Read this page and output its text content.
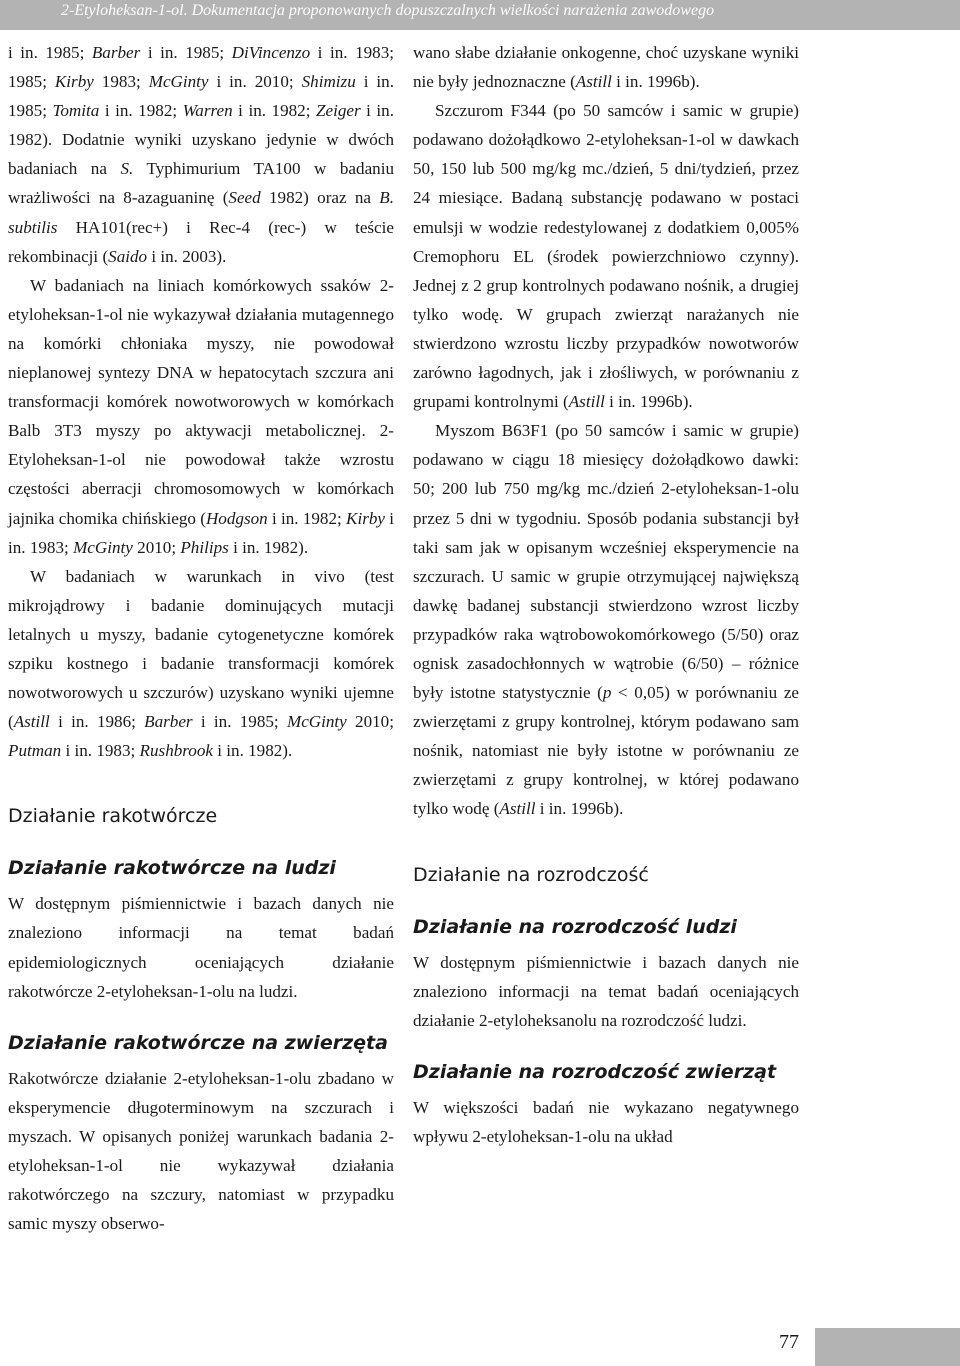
2-Etyloheksan-1-ol. Dokumentacja proponowanych dopuszczalnych wielkości narażenia zawodowego

i in. 1985; Barber i in. 1985; DiVincenzo i in. 1983; 1985; Kirby 1983; McGinty i in. 2010; Shimizu i in. 1985; Tomita i in. 1982; Warren i in. 1982; Zeiger i in. 1982). Dodatnie wyniki uzyskano jedynie w dwóch badaniach na S. Typhimurium TA100 w badaniu wrażliwości na 8-azaguaninę (Seed 1982) oraz na B. subtilis HA101(rec+) i Rec-4 (rec-) w teście rekombinacji (Saido i in. 2003).

W badaniach na liniach komórkowych ssaków 2-etyloheksan-1-ol nie wykazywał działania mutagennego na komórki chłoniaka myszy, nie powodował nieplanowej syntezy DNA w hepatocytach szczura ani transformacji komórek nowotworowych w komórkach Balb 3T3 myszy po aktywacji metabolicznej. 2-Etyloheksan-1-ol nie powodował także wzrostu częstości aberracji chromosomowych w komórkach jajnika chomika chińskiego (Hodgson i in. 1982; Kirby i in. 1983; McGinty 2010; Philips i in. 1982).

W badaniach w warunkach in vivo (test mikrojądrowy i badanie dominujących mutacji letalnych u myszy, badanie cytogenetyczne komórek szpiku kostnego i badanie transformacji komórek nowotworowych u szczurów) uzyskano wyniki ujemne (Astill i in. 1986; Barber i in. 1985; McGinty 2010; Putman i in. 1983; Rushbrook i in. 1982).

Działanie rakotwórcze
Działanie rakotwórcze na ludzi

W dostępnym piśmiennictwie i bazach danych nie znaleziono informacji na temat badań epidemiologicznych oceniających działanie rakotwórcze 2-etyloheksan-1-olu na ludzi.

Działanie rakotwórcze na zwierzęta

Rakotwórcze działanie 2-etyloheksan-1-olu zbadano w eksperymencie długoterminowym na szczurach i myszach. W opisanych poniżej warunkach badania 2-etyloheksan-1-ol nie wykazywał działania rakotwórczego na szczury, natomiast w przypadku samic myszy obserwo-

wano słabe działanie onkogenne, choć uzyskane wyniki nie były jednoznaczne (Astill i in. 1996b).

Szczurom F344 (po 50 samców i samic w grupie) podawano dożołądkowo 2-etyloheksan-1-ol w dawkach 50, 150 lub 500 mg/kg mc./dzień, 5 dni/tydzień, przez 24 miesiące. Badaną substancję podawano w postaci emulsji w wodzie redestylowanej z dodatkiem 0,005% Cremophoru EL (środek powierzchniowo czynny). Jednej z 2 grup kontrolnych podawano nośnik, a drugiej tylko wodę. W grupach zwierząt narażanych nie stwierdzono wzrostu liczby przypadków nowotworów zarówno łagodnych, jak i złośliwych, w porównaniu z grupami kontrolnymi (Astill i in. 1996b).

Myszom B63F1 (po 50 samców i samic w grupie) podawano w ciągu 18 miesięcy dożołądkowo dawki: 50; 200 lub 750 mg/kg mc./dzień 2-etyloheksan-1-olu przez 5 dni w tygodniu. Sposób podania substancji był taki sam jak w opisanym wcześniej eksperymencie na szczurach. U samic w grupie otrzymującej największą dawkę badanej substancji stwierdzono wzrost liczby przypadków raka wątrobowokomórkowego (5/50) oraz ognisk zasadochłonnych w wątrobie (6/50) – różnice były istotne statystycznie (p < 0,05) w porównaniu ze zwierzętami z grupy kontrolnej, którym podawano sam nośnik, natomiast nie były istotne w porównaniu ze zwierzętami z grupy kontrolnej, w której podawano tylko wodę (Astill i in. 1996b).

Działanie na rozrodczość
Działanie na rozrodczość ludzi

W dostępnym piśmiennictwie i bazach danych nie znaleziono informacji na temat badań oceniających działanie 2-etyloheksanolu na rozrodczość ludzi.

Działanie na rozrodczość zwierząt

W większości badań nie wykazano negatywnego wpływu 2-etyloheksan-1-olu na układ

77
